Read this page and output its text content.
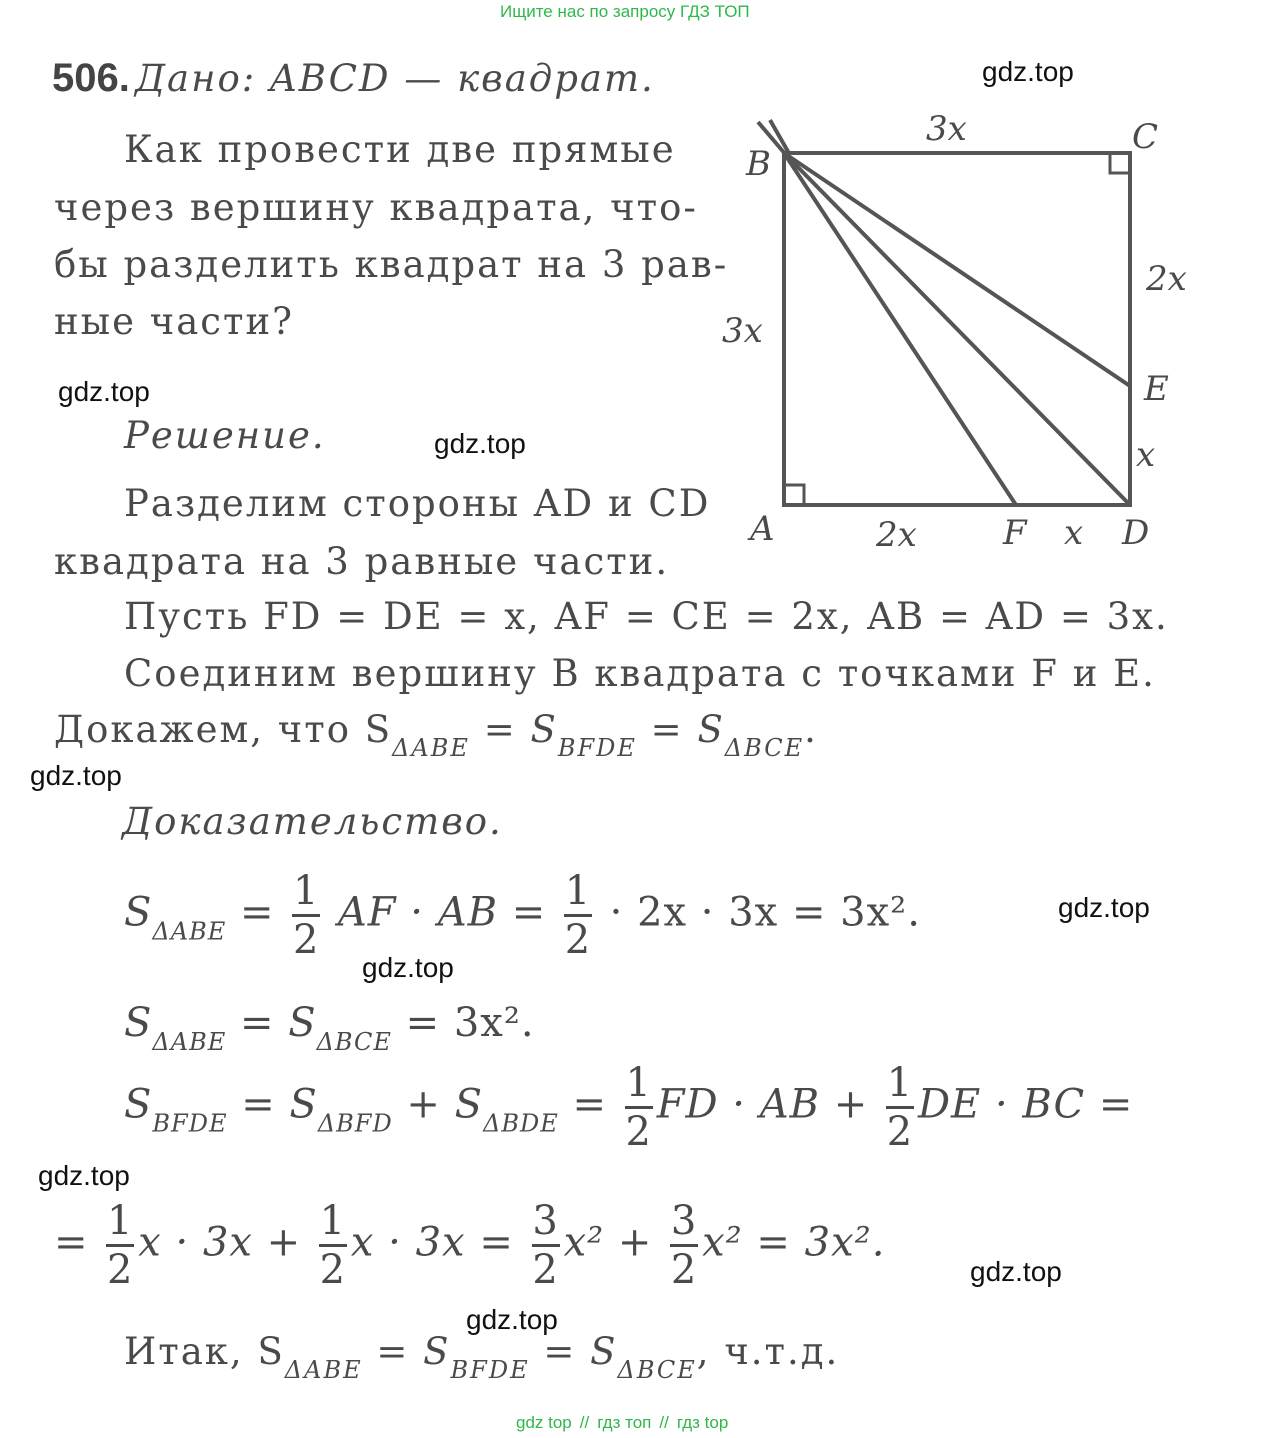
Ищите нас по запросу ГДЗ ТОП
506. Дано: ABCD — квадрат.
Как провести две прямые
через вершину квадрата, что-
бы разделить квадрат на 3 рав-
ные части?
B
C
A	D
E
F
3x
3x
2x
x
2x	x
Решение.
Разделим стороны AD и CD
квадрата на 3 равные части.
Пусть FD = DE = x, AF = CE = 2x, AB = AD = 3x.
Соединим вершину B квадрата с точками F и E.
Докажем, что $S_{\Delta ABE} = S_{BFDE} = S_{\Delta BCE}$.
Доказательство.
$S_{\Delta ABE} = \frac{1}{2}$ AF · AB = $\frac{1}{2} \cdot 2x \cdot 3x = 3x^2$.
$S_{\Delta ABE} = S_{\Delta BCE} = 3x^2$.
$S_{BFDE} = S_{\Delta BFD} + S_{\Delta BDE} = \frac{1}{2}$ FD · AB + $\frac{1}{2}$ DE · BC =
= $\frac{1}{2}$ $x \cdot 3x + \frac{1}{2}$ $x \cdot 3x = \frac{3}{2} x^2 + \frac{3}{2} x^2 = 3x^2$.
Итак, $S_{\Delta ABE} = S_{BFDE} = S_{\Delta BCE}$, ч.т.д.
gdz.top
gdz.top
gdz.top
gdz.top
gdz.top
gdz.top
gdz.top
gdz.top
gdz.top
gdz top // гдз топ // гдз top
